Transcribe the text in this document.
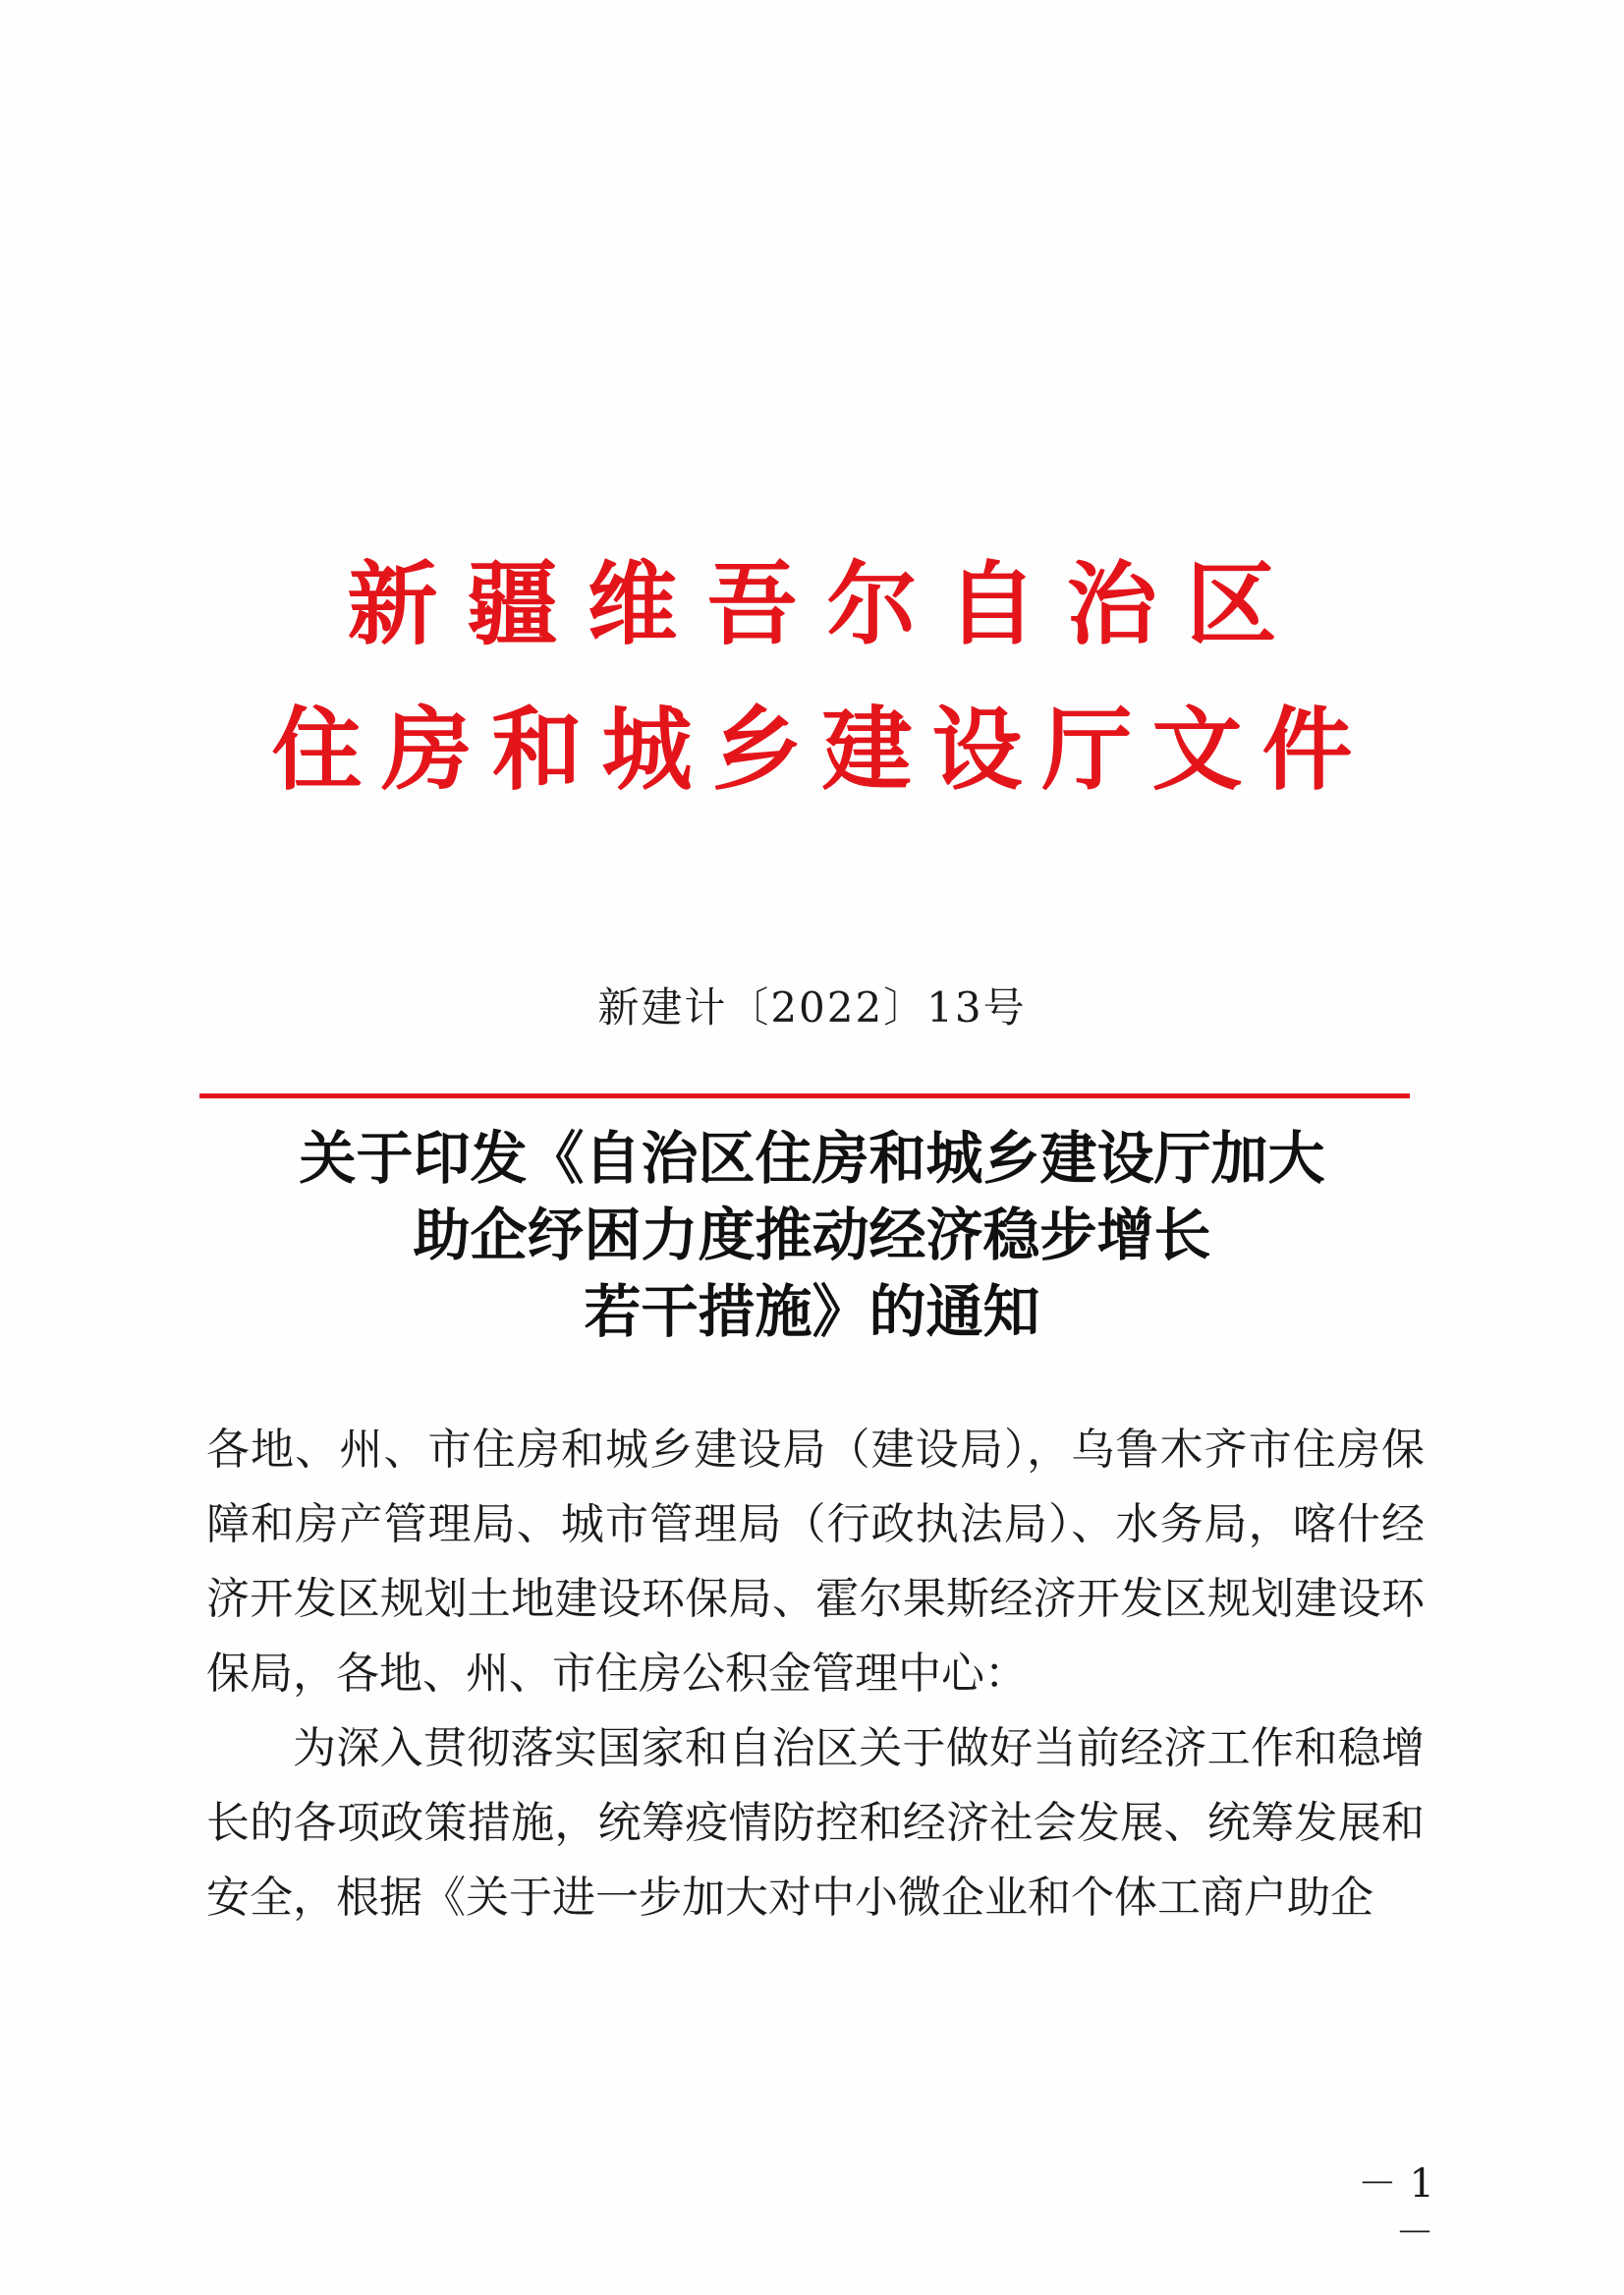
新疆维吾尔自治区
住房和城乡建设厅文件
新建计〔2022〕13号
关于印发《自治区住房和城乡建设厅加大
助企纾困力度推动经济稳步增长
若干措施》的通知

各地、州、市住房和城乡建设局（建设局），乌鲁木齐市住房保障和房产管理局、城市管理局（行政执法局）、水务局，喀什经济开发区规划土地建设环保局、霍尔果斯经济开发区规划建设环保局，各地、州、市住房公积金管理中心：

为深入贯彻落实国家和自治区关于做好当前经济工作和稳增长的各项政策措施，统筹疫情防控和经济社会发展、统筹发展和安全，根据《关于进一步加大对中小微企业和个体工商户助企

－ 1 －
